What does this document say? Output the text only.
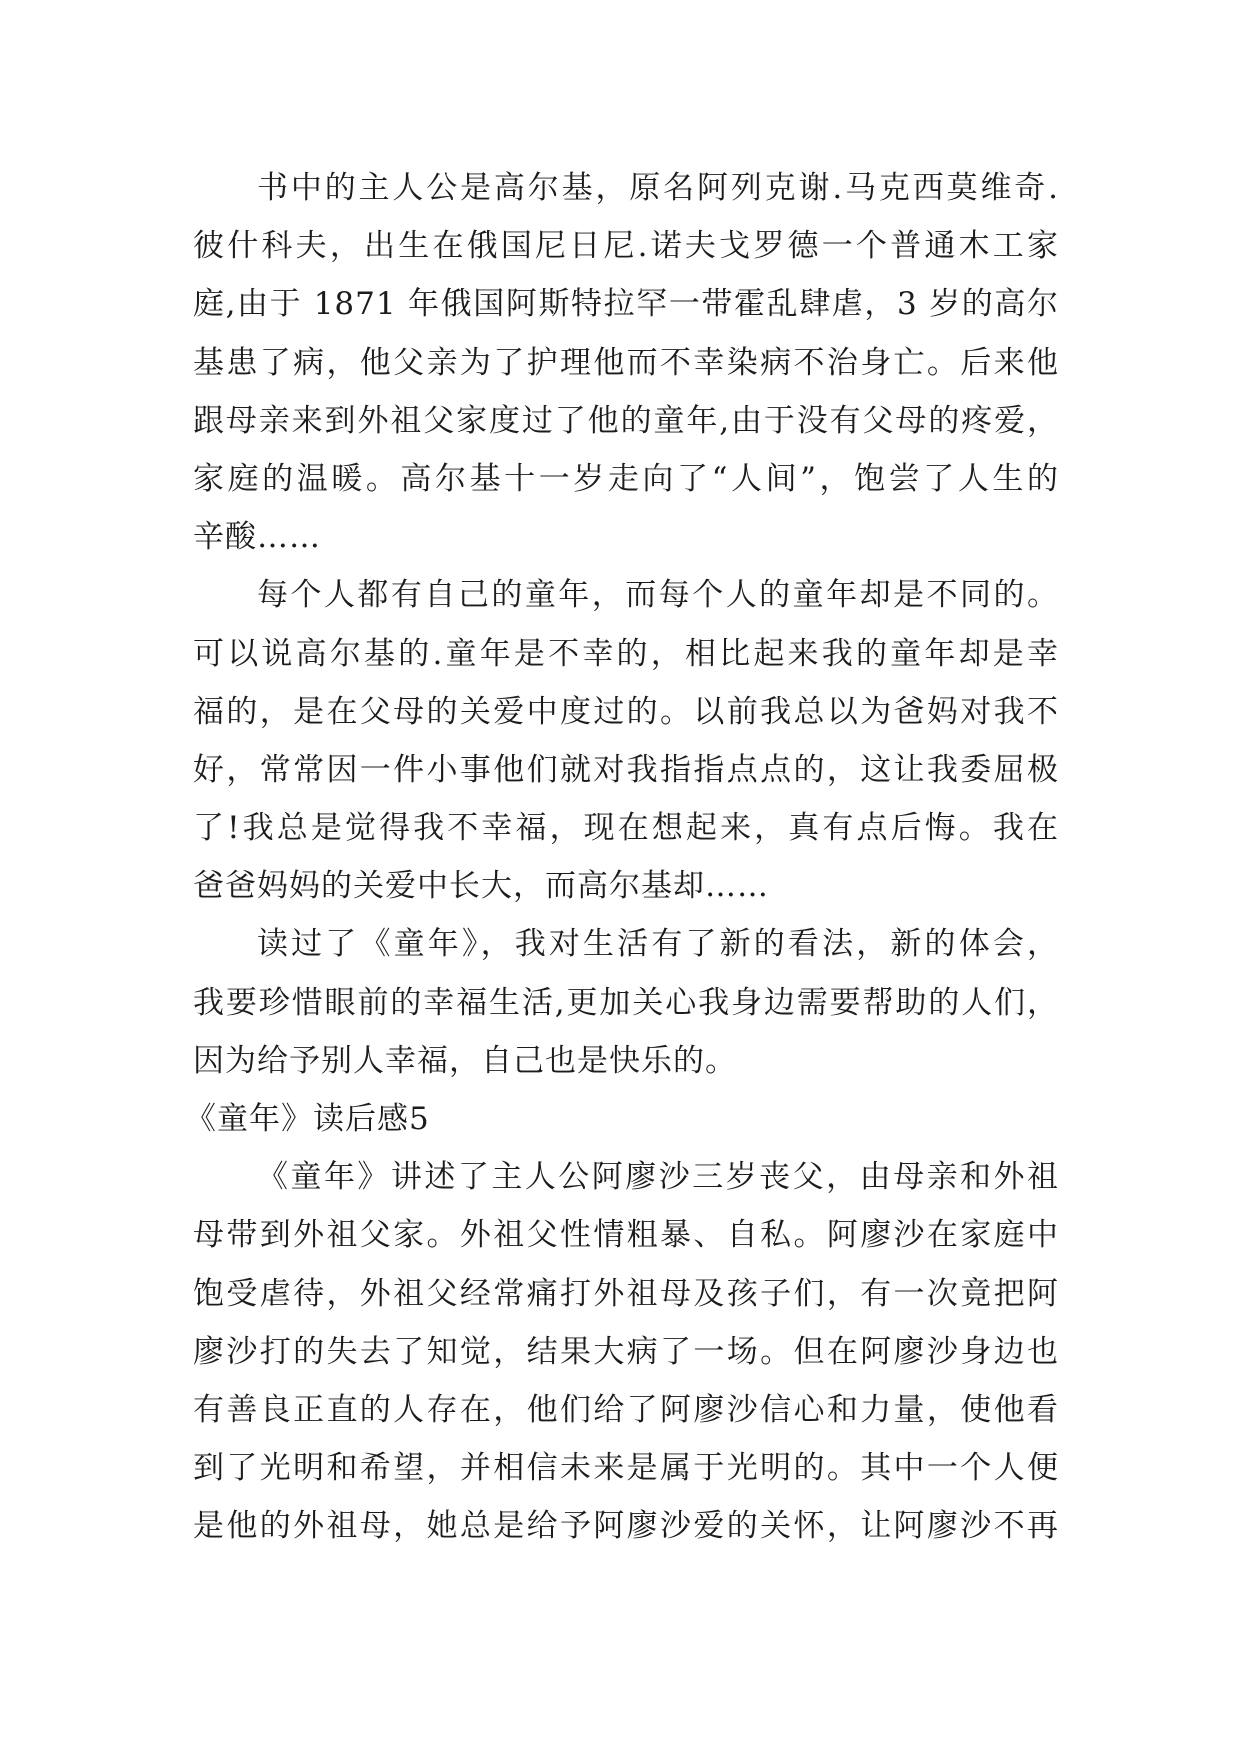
书中的主人公是高尔基，原名阿列克谢.马克西莫维奇.
彼什科夫，出生在俄国尼日尼.诺夫戈罗德一个普通木工家
庭,由于 1871 年俄国阿斯特拉罕一带霍乱肆虐，3 岁的高尔
基患了病，他父亲为了护理他而不幸染病不治身亡。后来他
跟母亲来到外祖父家度过了他的童年,由于没有父母的疼爱，
家庭的温暖。高尔基十一岁走向了“人间”，饱尝了人生的
辛酸……
每个人都有自己的童年，而每个人的童年却是不同的。
可以说高尔基的.童年是不幸的，相比起来我的童年却是幸
福的，是在父母的关爱中度过的。以前我总以为爸妈对我不
好，常常因一件小事他们就对我指指点点的，这让我委屈极
了!我总是觉得我不幸福，现在想起来，真有点后悔。我在
爸爸妈妈的关爱中长大，而高尔基却……
读过了《童年》，我对生活有了新的看法，新的体会，
我要珍惜眼前的幸福生活,更加关心我身边需要帮助的人们，
因为给予别人幸福，自己也是快乐的。
《童年》读后感5
《童年》讲述了主人公阿廖沙三岁丧父，由母亲和外祖
母带到外祖父家。外祖父性情粗暴、自私。阿廖沙在家庭中
饱受虐待，外祖父经常痛打外祖母及孩子们，有一次竟把阿
廖沙打的失去了知觉，结果大病了一场。但在阿廖沙身边也
有善良正直的人存在，他们给了阿廖沙信心和力量，使他看
到了光明和希望，并相信未来是属于光明的。其中一个人便
是他的外祖母，她总是给予阿廖沙爱的关怀，让阿廖沙不再
